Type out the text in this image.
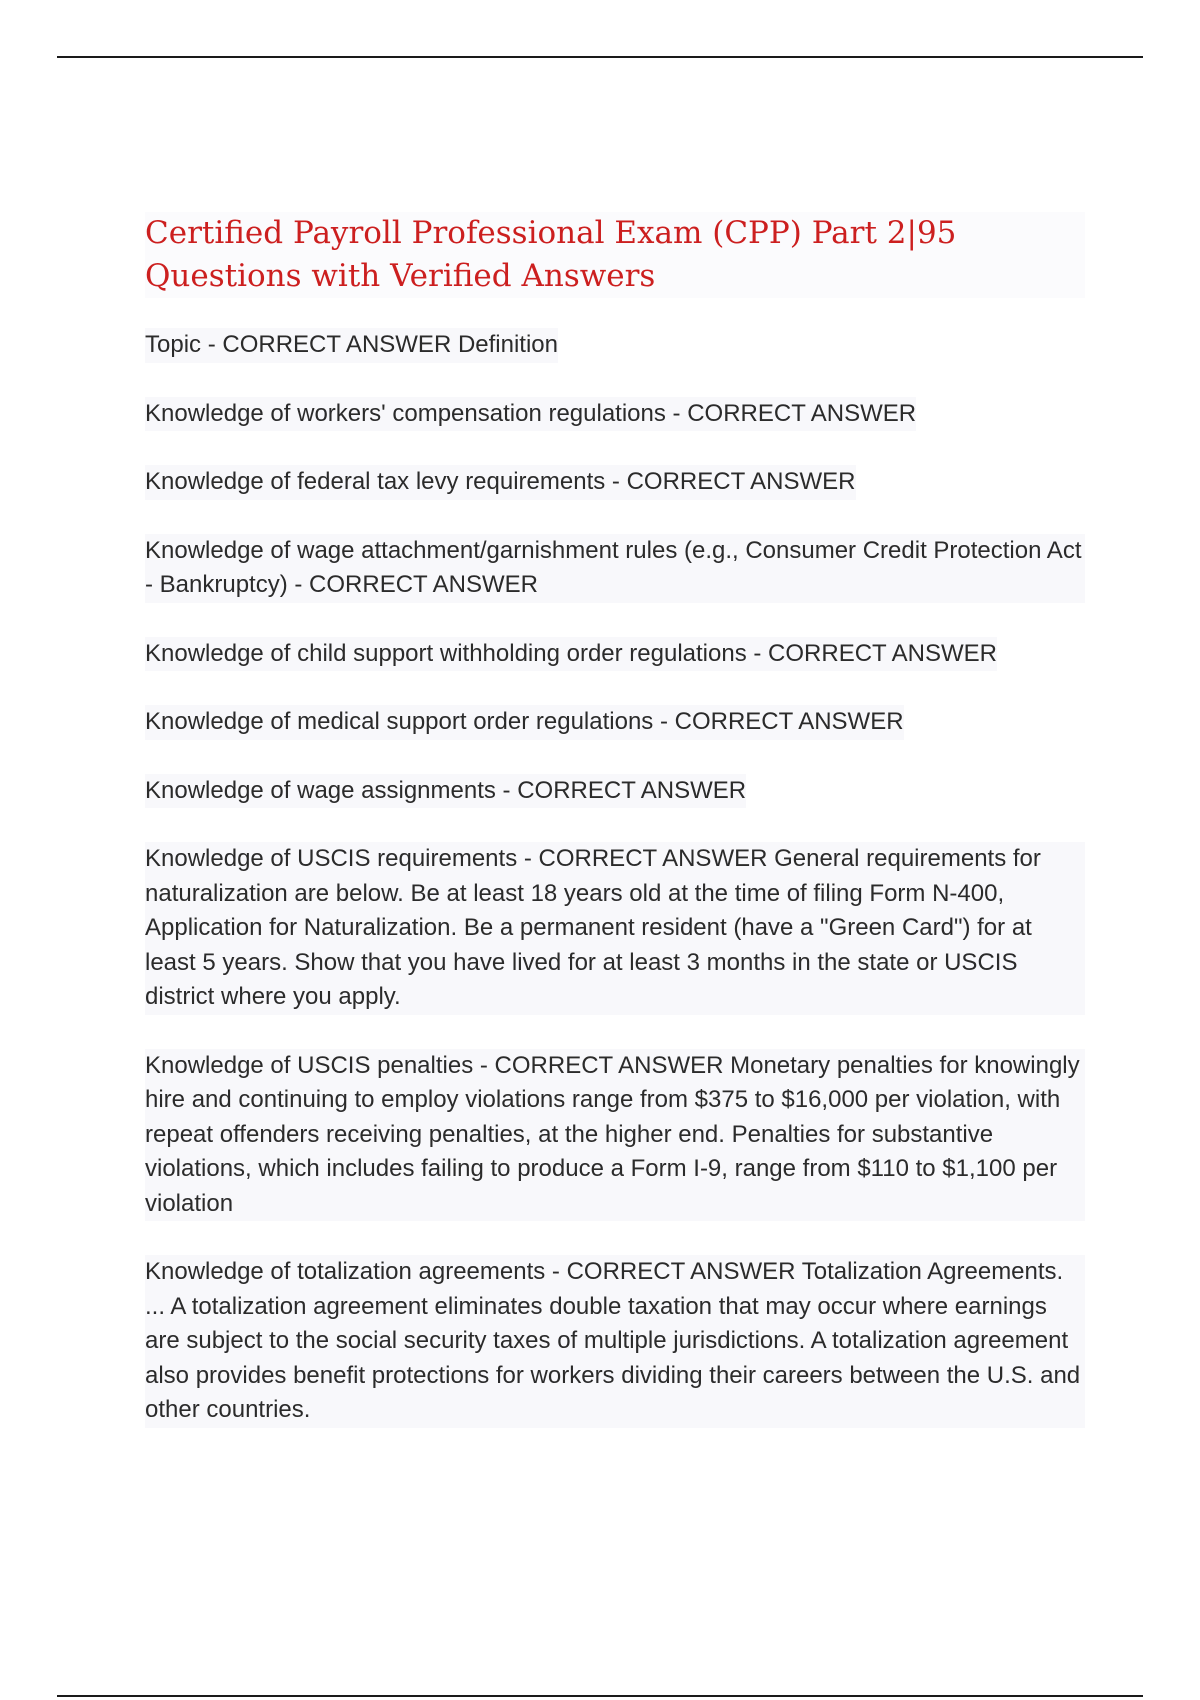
Certified Payroll Professional Exam (CPP) Part 2|95 Questions with Verified Answers
Topic - CORRECT ANSWER Definition
Knowledge of workers' compensation regulations - CORRECT ANSWER
Knowledge of federal tax levy requirements - CORRECT ANSWER
Knowledge of wage attachment/garnishment rules (e.g., Consumer Credit Protection Act - Bankruptcy) - CORRECT ANSWER
Knowledge of child support withholding order regulations - CORRECT ANSWER
Knowledge of medical support order regulations - CORRECT ANSWER
Knowledge of wage assignments - CORRECT ANSWER
Knowledge of USCIS requirements - CORRECT ANSWER General requirements for naturalization are below. Be at least 18 years old at the time of filing Form N-400, Application for Naturalization. Be a permanent resident (have a "Green Card") for at least 5 years. Show that you have lived for at least 3 months in the state or USCIS district where you apply.
Knowledge of USCIS penalties - CORRECT ANSWER Monetary penalties for knowingly hire and continuing to employ violations range from $375 to $16,000 per violation, with repeat offenders receiving penalties, at the higher end. Penalties for substantive violations, which includes failing to produce a Form I-9, range from $110 to $1,100 per violation
Knowledge of totalization agreements - CORRECT ANSWER Totalization Agreements. ... A totalization agreement eliminates double taxation that may occur where earnings are subject to the social security taxes of multiple jurisdictions. A totalization agreement also provides benefit protections for workers dividing their careers between the U.S. and other countries.
